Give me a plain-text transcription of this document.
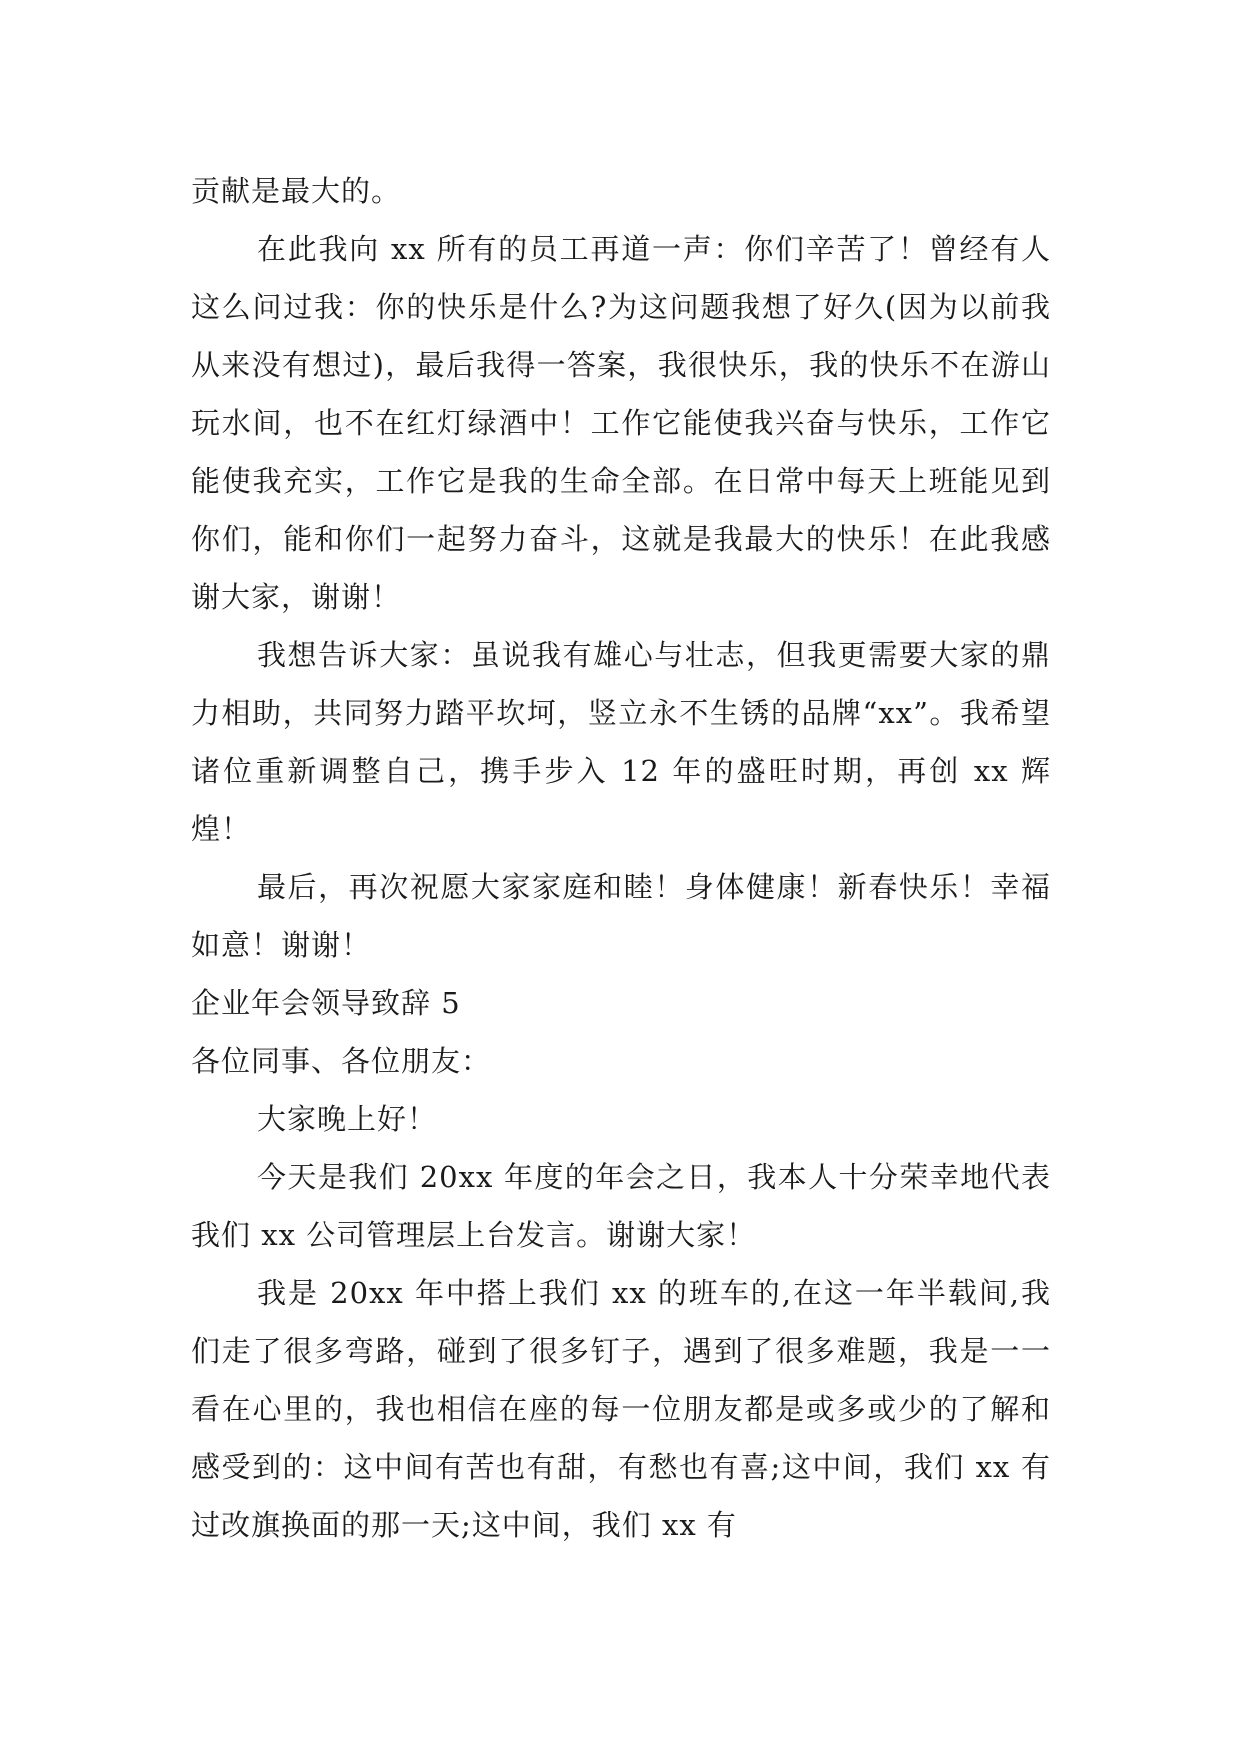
贡献是最大的。

在此我向 xx 所有的员工再道一声：你们辛苦了！曾经有人这么问过我：你的快乐是什么?为这问题我想了好久(因为以前我从来没有想过)，最后我得一答案，我很快乐，我的快乐不在游山玩水间，也不在红灯绿酒中！工作它能使我兴奋与快乐，工作它能使我充实，工作它是我的生命全部。在日常中每天上班能见到你们，能和你们一起努力奋斗，这就是我最大的快乐！在此我感谢大家，谢谢！

我想告诉大家：虽说我有雄心与壮志，但我更需要大家的鼎力相助，共同努力踏平坎坷，竖立永不生锈的品牌“xx”。我希望诸位重新调整自己，携手步入 12 年的盛旺时期，再创 xx 辉煌！

最后，再次祝愿大家家庭和睦！身体健康！新春快乐！幸福如意！谢谢！

企业年会领导致辞 5

各位同事、各位朋友：

大家晚上好！

今天是我们 20xx 年度的年会之日，我本人十分荣幸地代表我们 xx 公司管理层上台发言。谢谢大家！

我是 20xx 年中搭上我们 xx 的班车的,在这一年半载间,我们走了很多弯路，碰到了很多钉子，遇到了很多难题，我是一一看在心里的，我也相信在座的每一位朋友都是或多或少的了解和感受到的：这中间有苦也有甜，有愁也有喜;这中间，我们 xx 有过改旗换面的那一天;这中间，我们 xx 有
